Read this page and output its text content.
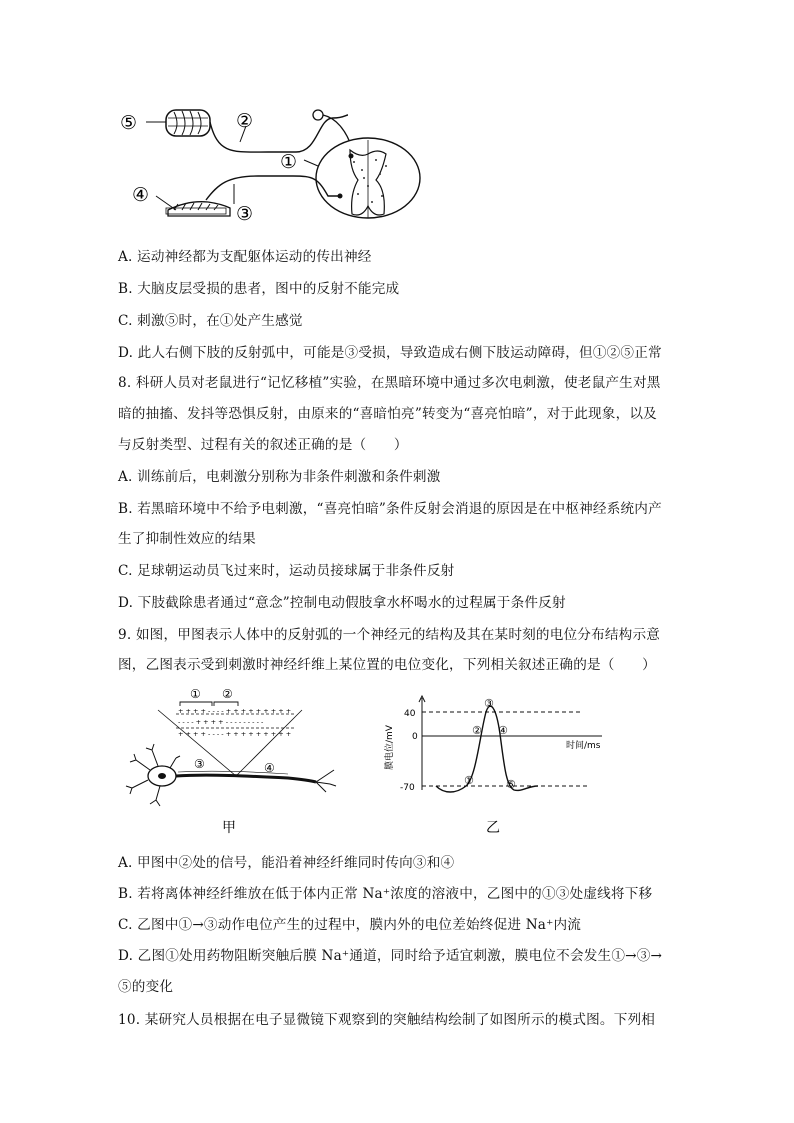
⑤	②
①
④
③
A. 运动神经都为支配躯体运动的传出神经
B. 大脑皮层受损的患者，图中的反射不能完成
C. 刺激⑤时，在①处产生感觉
D. 此人右侧下肢的反射弧中，可能是③受损，导致造成右侧下肢运动障碍，但①②⑤正常
8. 科研人员对老鼠进行“记忆移植”实验，在黑暗环境中通过多次电刺激，使老鼠产生对黑
暗的抽搐、发抖等恐惧反射，由原来的“喜暗怕亮”转变为“喜亮怕暗”，对于此现象，以及
与反射类型、过程有关的叙述正确的是（　　）
A. 训练前后，电刺激分别称为非条件刺激和条件刺激
B. 若黑暗环境中不给予电刺激，“喜亮怕暗”条件反射会消退的原因是在中枢神经系统内产
生了抑制性效应的结果
C. 足球朝运动员飞过来时，运动员接球属于非条件反射
D. 下肢截除患者通过“意念”控制电动假肢拿水杯喝水的过程属于条件反射
9. 如图，甲图表示人体中的反射弧的一个神经元的结构及其在某时刻的电位分布结构示意
图，乙图表示受到刺激时神经纤维上某位置的电位变化，下列相关叙述正确的是（　　）
① ②
+ + + + - - - - + + + + + + + + +
- - - - + + + + - - - - - - - - -
+ + + + - - - - + + + + + + + + +
③	④
甲
时间/ms
膜电位/mV
40
0
-70
①
②
③
④
⑤
乙
A. 甲图中②处的信号，能沿着神经纤维同时传向③和④
B. 若将离体神经纤维放在低于体内正常 Na⁺浓度的溶液中，乙图中的①③处虚线将下移
C. 乙图中①→③动作电位产生的过程中，膜内外的电位差始终促进 Na⁺内流
D. 乙图①处用药物阻断突触后膜 Na⁺通道，同时给予适宜刺激，膜电位不会发生①→③→
⑤的变化
10. 某研究人员根据在电子显微镜下观察到的突触结构绘制了如图所示的模式图。下列相
